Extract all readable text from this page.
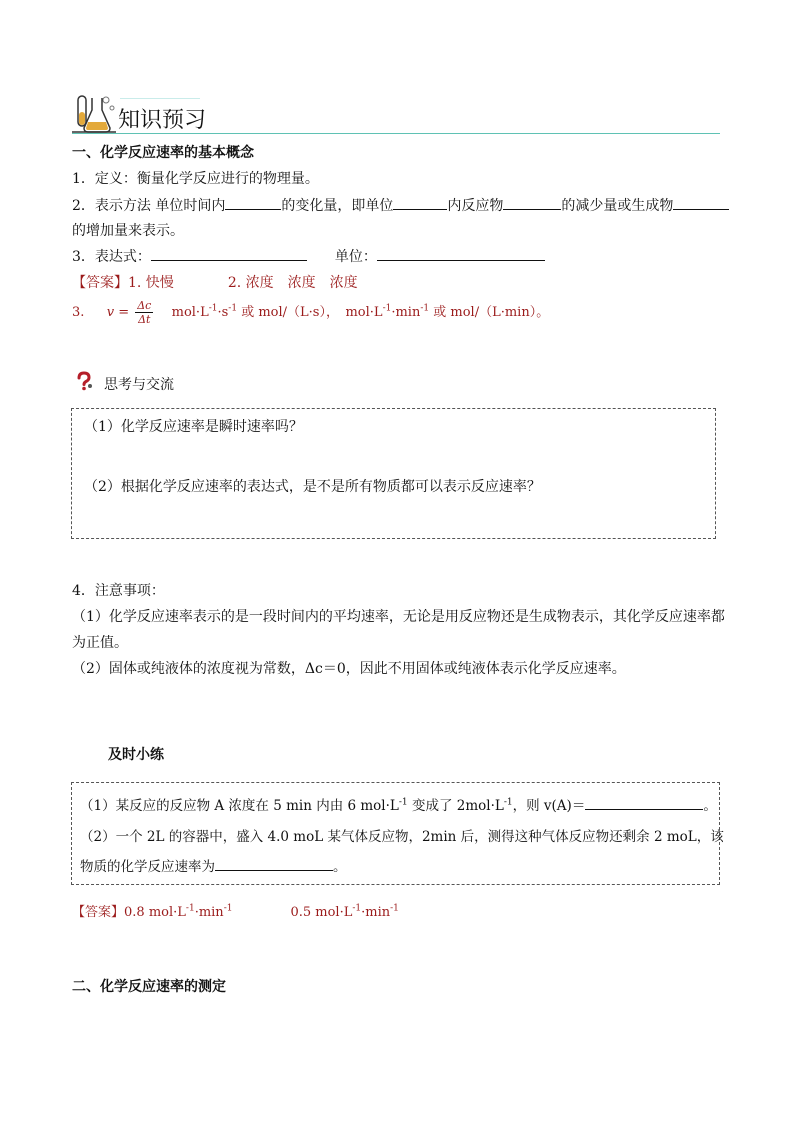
知识预习
一、化学反应速率的基本概念
1．定义：衡量化学反应进行的物理量。
2．表示方法 单位时间内	的变化量，即单位	内反应物	的减少量或生成物
的增加量来表示。
3．表达式：	单位：
【答案】1. 快慢	2. 浓度　浓度　浓度
3. $v = \frac{\Delta c}{\Delta t} mol\cdot L^{-1}\cdot s^{-1}$ 或 mol/（L·s），　$mol\cdot L^{-1}\cdot\min^{-1}$ 或 mol/（L·min）。
思考与交流
（1）化学反应速率是瞬时速率吗？
（2）根据化学反应速率的表达式，是不是所有物质都可以表示反应速率？
4．注意事项：
（1）化学反应速率表示的是一段时间内的平均速率，无论是用反应物还是生成物表示，其化学反应速率都
为正值。
（2）固体或纯液体的浓度视为常数，Δc＝0，因此不用固体或纯液体表示化学反应速率。
及时小练
（1）某反应的反应物 A 浓度在 5 min 内由 6 $mol\cdot L^{-1}$ 变成了 $2mol\cdot L^{-1}$，则 v(A)＝	。
（2）一个 2L 的容器中，盛入 4.0 moL 某气体反应物，2min 后，测得这种气体反应物还剩余 2 moL，该
物质的化学反应速率为	。
【答案】0.8 $mol\cdot L^{-1}\cdot\min^{-1}$	0.5 $mol\cdot L^{-1}\cdot\min^{-1}$
二、化学反应速率的测定
